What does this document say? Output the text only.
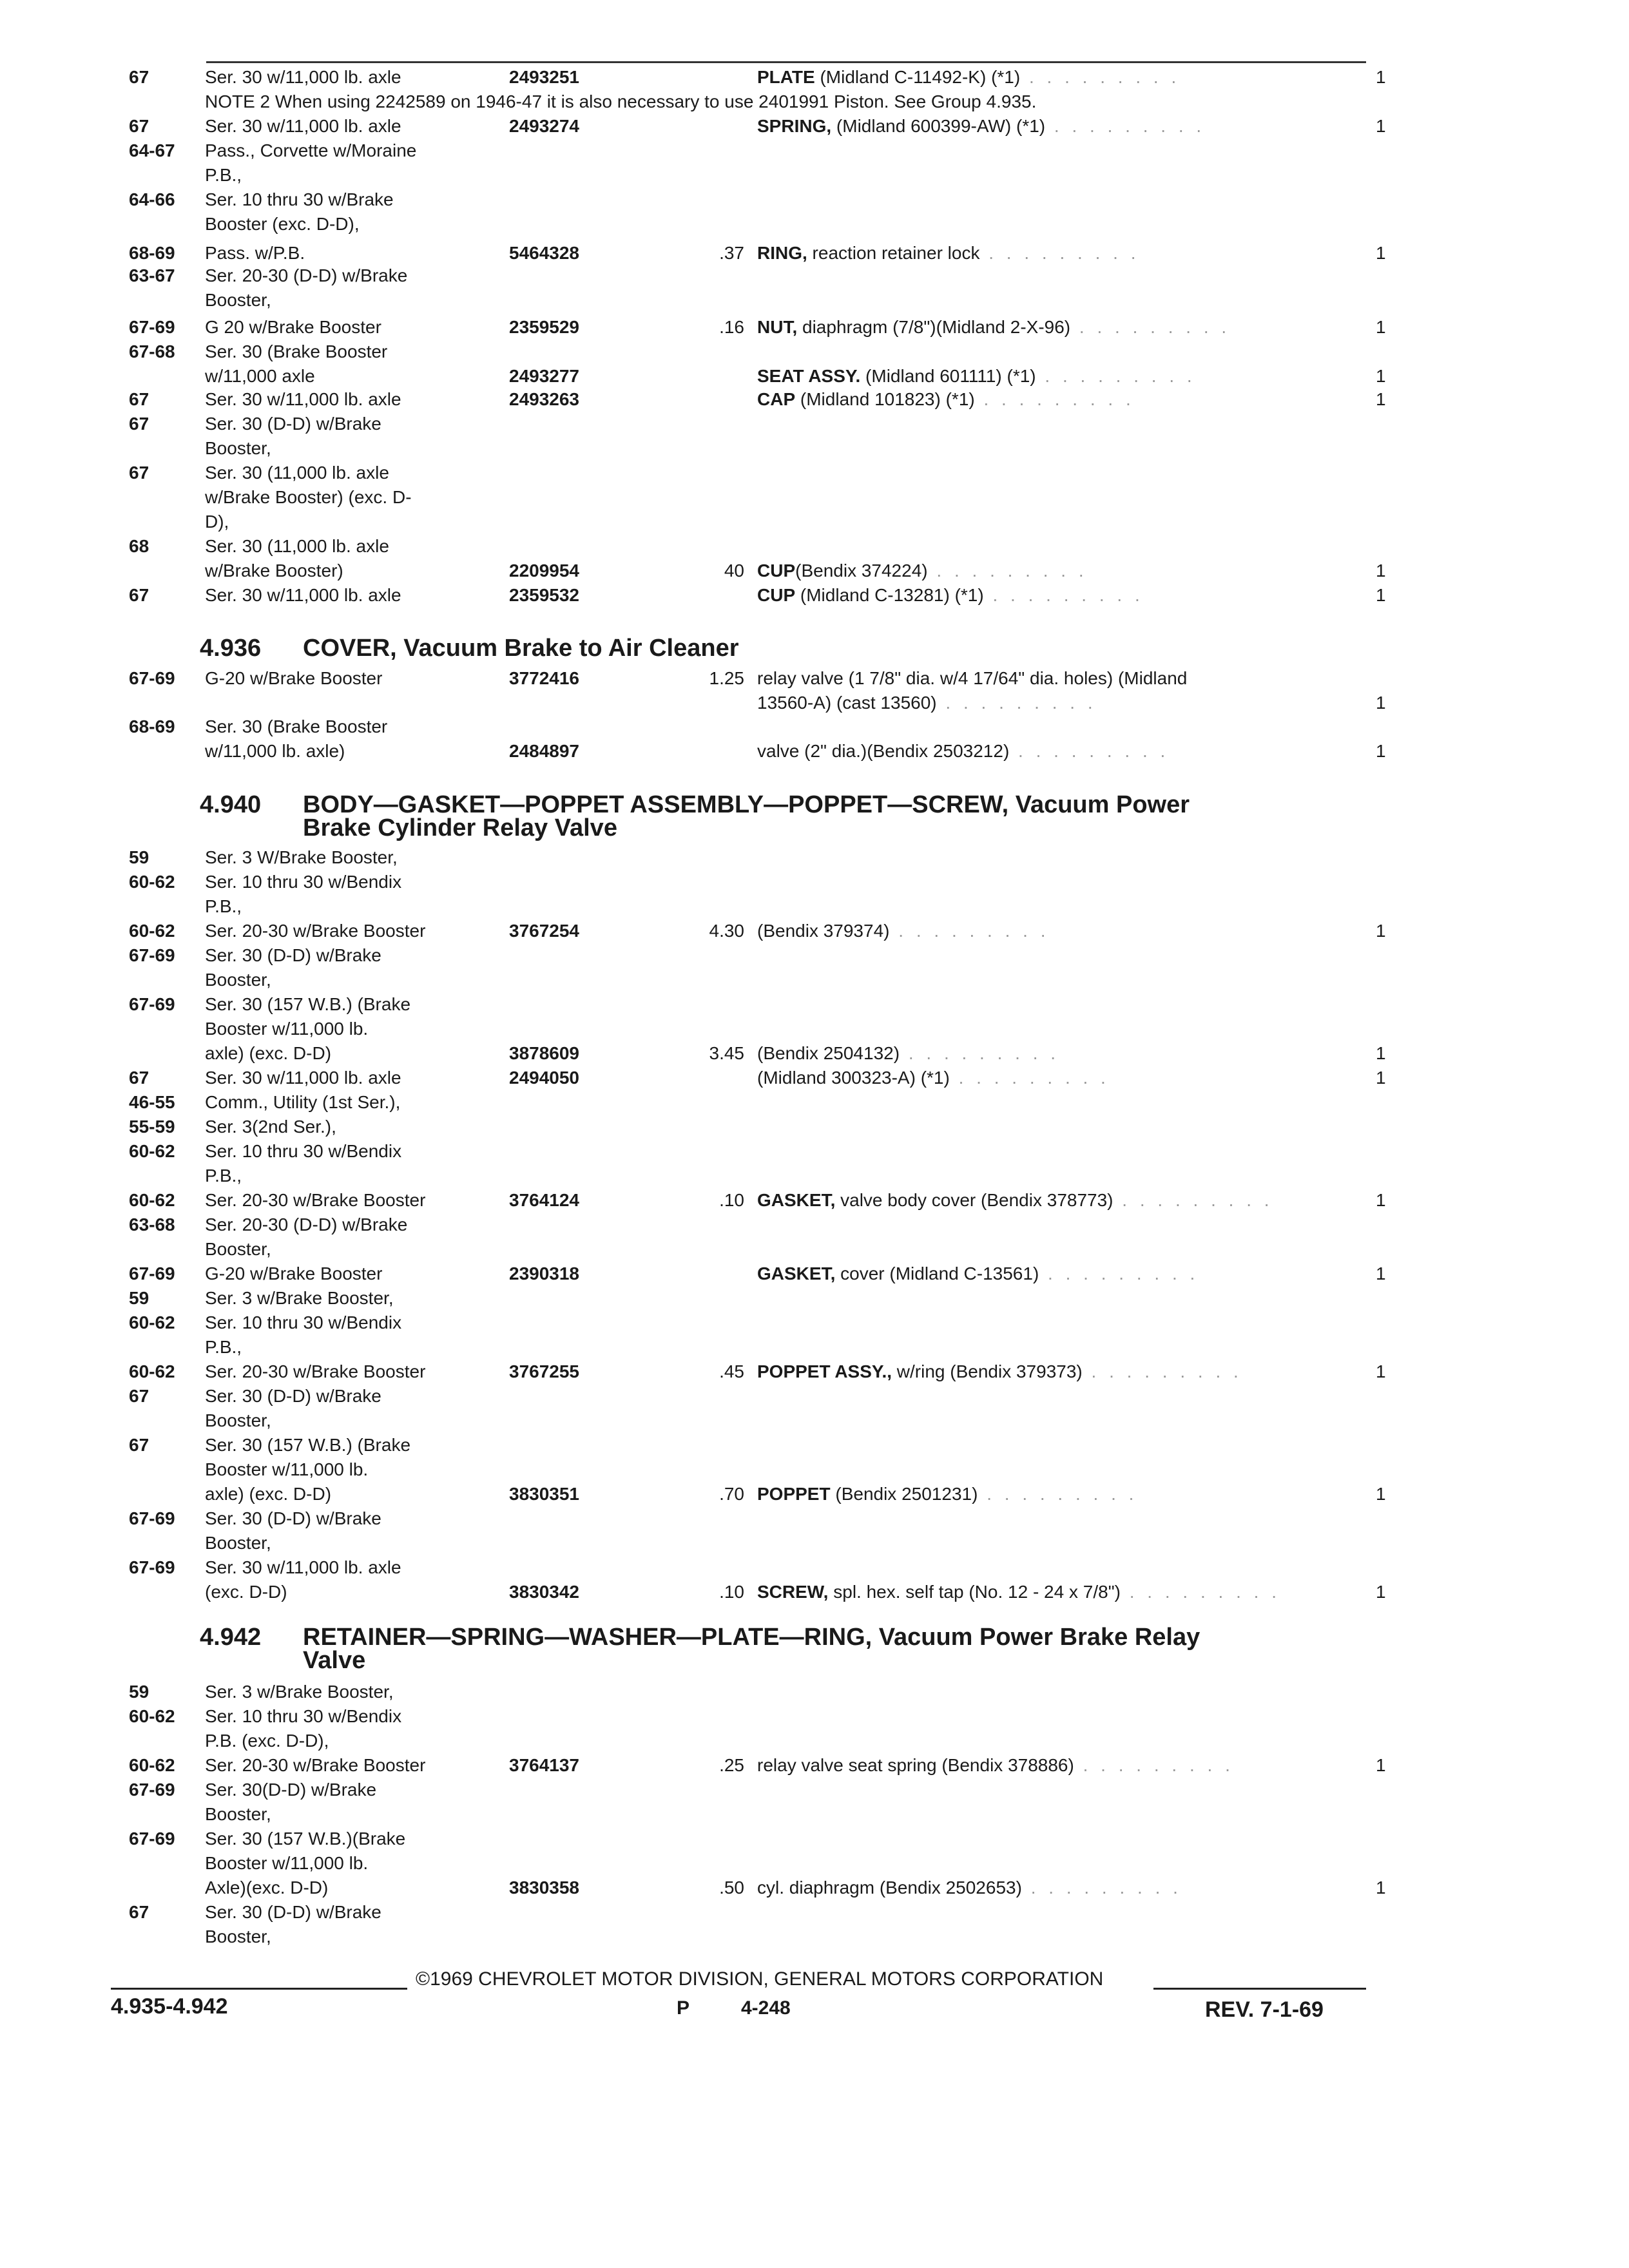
67	Ser. 30 w/11,000 lb. axle	2493251	PLATE (Midland C-11492-K) (*1) . . . . . . . . .	1
NOTE 2 When using 2242589 on 1946-47 it is also necessary to use 2401991 Piston. See Group 4.935.
67	Ser. 30 w/11,000 lb. axle	2493274	SPRING, (Midland 600399-AW) (*1) . . . . . . . . .	1
64-67 Pass., Corvette w/Moraine
P.B.,
64-66 Ser. 10 thru 30 w/Brake
Booster (exc. D-D),
68-69 Pass. w/P.B.	5464328	.37 RING, reaction retainer lock . . . . . . . . .	1
63-67 Ser. 20-30 (D-D) w/Brake
Booster,
67-69 G 20 w/Brake Booster	2359529	.16 NUT, diaphragm (7/8")(Midland 2-X-96) . . . . . . . . .	1
67-68 Ser. 30 (Brake Booster
w/11,000 axle	2493277	SEAT ASSY. (Midland 601111) (*1) . . . . . . . . .	1
67	Ser. 30 w/11,000 lb. axle	2493263	CAP (Midland 101823) (*1) . . . . . . . . .	1
67	Ser. 30 (D-D) w/Brake
Booster,
67	Ser. 30 (11,000 lb. axle
w/Brake Booster) (exc. D-
D),
68	Ser. 30 (11,000 lb. axle
w/Brake Booster)	2209954	40 CUP(Bendix 374224) . . . . . . . . .	1
67	Ser. 30 w/11,000 lb. axle	2359532	CUP (Midland C-13281) (*1) . . . . . . . . .	1
67-69 G-20 w/Brake Booster	3772416	1.25 relay valve (1 7/8" dia. w/4 17/64" dia. holes) (Midland
13560-A) (cast 13560) . . . . . . . . .	1
68-69 Ser. 30 (Brake Booster
w/11,000 lb. axle)	2484897	valve (2" dia.)(Bendix 2503212) . . . . . . . . .	1
59	Ser. 3 W/Brake Booster,
60-62 Ser. 10 thru 30 w/Bendix
P.B.,
60-62 Ser. 20-30 w/Brake Booster	3767254	4.30 (Bendix 379374) . . . . . . . . .	1
67-69 Ser. 30 (D-D) w/Brake
Booster,
67-69 Ser. 30 (157 W.B.) (Brake
Booster w/11,000 lb.
axle) (exc. D-D)	3878609	3.45 (Bendix 2504132) . . . . . . . . .	1
67	Ser. 30 w/11,000 lb. axle	2494050	(Midland 300323-A) (*1) . . . . . . . . .	1
46-55 Comm., Utility (1st Ser.),
55-59 Ser. 3(2nd Ser.),
60-62 Ser. 10 thru 30 w/Bendix
P.B.,
60-62 Ser. 20-30 w/Brake Booster	3764124	.10 GASKET, valve body cover (Bendix 378773) . . . . . . . . .	1
63-68 Ser. 20-30 (D-D) w/Brake
Booster,
67-69 G-20 w/Brake Booster	2390318	GASKET, cover (Midland C-13561) . . . . . . . . .	1
59	Ser. 3 w/Brake Booster,
60-62 Ser. 10 thru 30 w/Bendix
P.B.,
60-62 Ser. 20-30 w/Brake Booster	3767255	.45 POPPET ASSY., w/ring (Bendix 379373) . . . . . . . . .	1
67	Ser. 30 (D-D) w/Brake
Booster,
67	Ser. 30 (157 W.B.) (Brake
Booster w/11,000 lb.
axle) (exc. D-D)	3830351	.70 POPPET (Bendix 2501231) . . . . . . . . .	1
67-69 Ser. 30 (D-D) w/Brake
Booster,
67-69 Ser. 30 w/11,000 lb. axle
(exc. D-D)	3830342	.10 SCREW, spl. hex. self tap (No. 12 - 24 x 7/8") . . . . . . . . .	1
59	Ser. 3 w/Brake Booster,
60-62 Ser. 10 thru 30 w/Bendix
P.B. (exc. D-D),
60-62 Ser. 20-30 w/Brake Booster	3764137	.25 relay valve seat spring (Bendix 378886) . . . . . . . . .	1
67-69 Ser. 30(D-D) w/Brake
Booster,
67-69 Ser. 30 (157 W.B.)(Brake
Booster w/11,000 lb.
Axle)(exc. D-D)	3830358	.50 cyl. diaphragm (Bendix 2502653) . . . . . . . . .	1
67	Ser. 30 (D-D) w/Brake
Booster,
4.936 COVER, Vacuum Brake to Air Cleaner
4.940 BODY—GASKET—POPPET ASSEMBLY—POPPET—SCREW, Vacuum Power
Brake Cylinder Relay Valve
4.942 RETAINER—SPRING—WASHER—PLATE—RING, Vacuum Power Brake Relay
Valve
©1969 CHEVROLET MOTOR DIVISION, GENERAL MOTORS CORPORATION
4.935-4.942	P	4-248	REV. 7-1-69
